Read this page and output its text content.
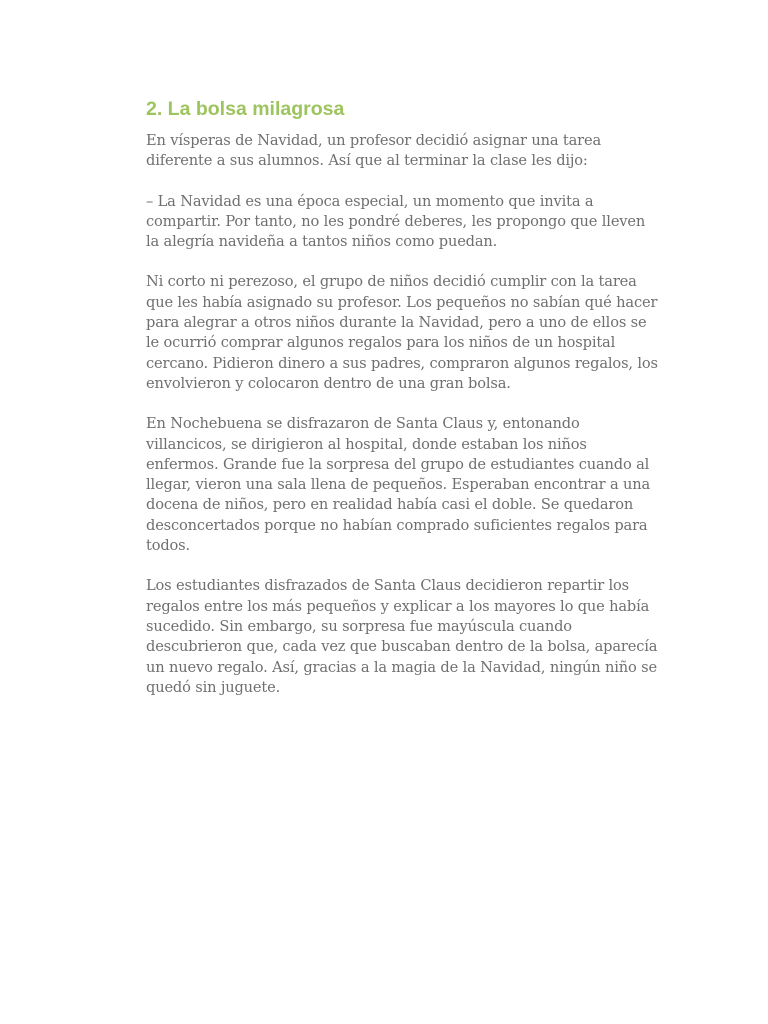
2. La bolsa milagrosa

En vísperas de Navidad, un profesor decidió asignar una tarea diferente a sus alumnos. Así que al terminar la clase les dijo:

– La Navidad es una época especial, un momento que invita a compartir. Por tanto, no les pondré deberes, les propongo que lleven la alegría navideña a tantos niños como puedan.

Ni corto ni perezoso, el grupo de niños decidió cumplir con la tarea que les había asignado su profesor. Los pequeños no sabían qué hacer para alegrar a otros niños durante la Navidad, pero a uno de ellos se le ocurrió comprar algunos regalos para los niños de un hospital cercano. Pidieron dinero a sus padres, compraron algunos regalos, los envolvieron y colocaron dentro de una gran bolsa.

En Nochebuena se disfrazaron de Santa Claus y, entonando villancicos, se dirigieron al hospital, donde estaban los niños enfermos. Grande fue la sorpresa del grupo de estudiantes cuando al llegar, vieron una sala llena de pequeños. Esperaban encontrar a una docena de niños, pero en realidad había casi el doble. Se quedaron desconcertados porque no habían comprado suficientes regalos para todos.

Los estudiantes disfrazados de Santa Claus decidieron repartir los regalos entre los más pequeños y explicar a los mayores lo que había sucedido. Sin embargo, su sorpresa fue mayúscula cuando descubrieron que, cada vez que buscaban dentro de la bolsa, aparecía un nuevo regalo. Así, gracias a la magia de la Navidad, ningún niño se quedó sin juguete.
